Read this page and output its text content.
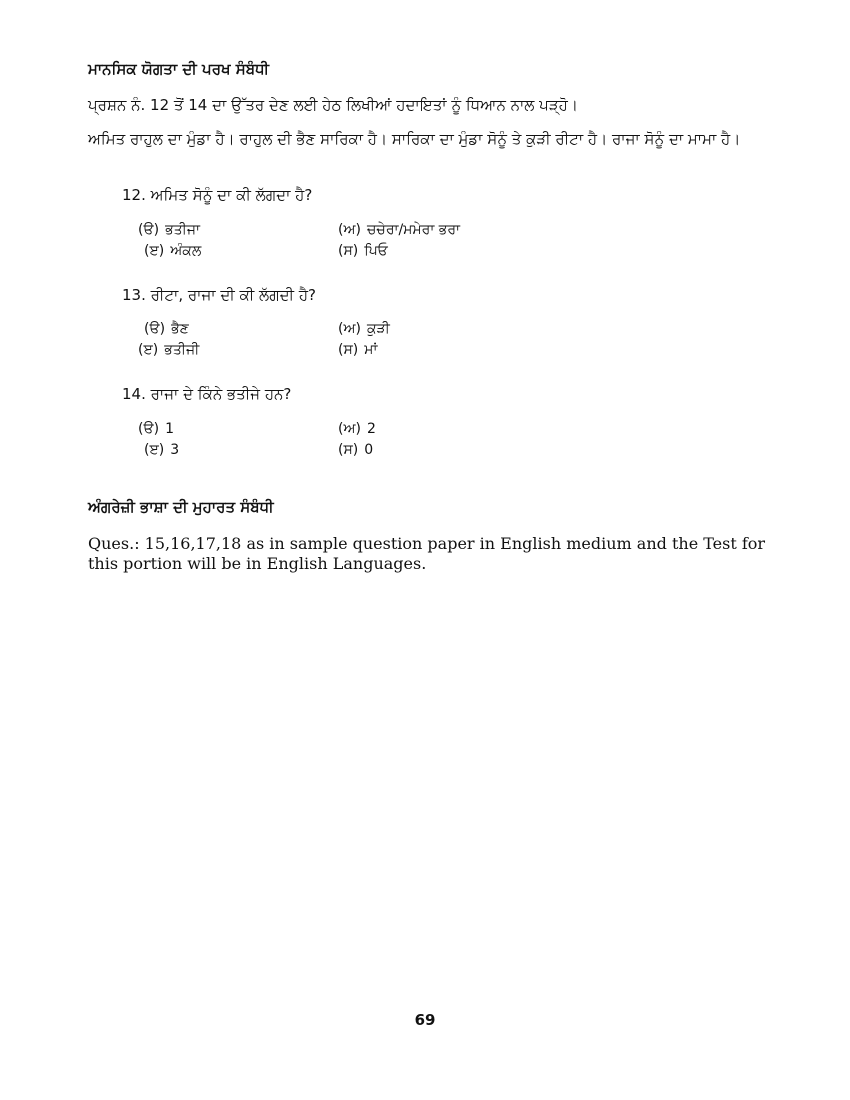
ਮਾਨਸਿਕ ਯੋਗਤਾ ਦੀ ਪਰਖ ਸੰਬੰਧੀ

ਪ੍ਰਸ਼ਨ ਨੰ. 12 ਤੋਂ 14 ਦਾ ਉੱਤਰ ਦੇਣ ਲਈ ਹੇਠ ਲਿਖੀਆਂ ਹਦਾਇਤਾਂ ਨੂੰ ਧਿਆਨ ਨਾਲ ਪੜ੍ਹੋ।

ਅਮਿਤ ਰਾਹੁਲ ਦਾ ਮੁੰਡਾ ਹੈ। ਰਾਹੁਲ ਦੀ ਭੈਣ ਸਾਰਿਕਾ ਹੈ। ਸਾਰਿਕਾ ਦਾ ਮੁੰਡਾ ਸੋਨੂੰ ਤੇ ਕੁੜੀ ਰੀਟਾ ਹੈ। ਰਾਜਾ ਸੋਨੂੰ ਦਾ ਮਾਮਾ ਹੈ।

12. ਅਮਿਤ ਸੋਨੂੰ ਦਾ ਕੀ ਲੱਗਦਾ ਹੈ?

(ੳ) ਭਤੀਜਾ	(ਅ) ਚਚੇਰਾ/ਮਮੇਰਾ ਭਰਾ
(ੲ) ਅੰਕਲ	(ਸ) ਪਿਓ

13. ਰੀਟਾ, ਰਾਜਾ ਦੀ ਕੀ ਲੱਗਦੀ ਹੈ?

(ੳ) ਭੈਣ	(ਅ) ਕੁੜੀ
(ੲ) ਭਤੀਜੀ	(ਸ) ਮਾਂ

14. ਰਾਜਾ ਦੇ ਕਿੰਨੇ ਭਤੀਜੇ ਹਨ?

(ੳ) 1	(ਅ) 2
(ੲ) 3	(ਸ) 0
ਅੰਗਰੇਜ਼ੀ ਭਾਸ਼ਾ ਦੀ ਮੁਹਾਰਤ ਸੰਬੰਧੀ

Ques.: 15,16,17,18 as in sample question paper in English medium and the Test for this portion will be in English Languages.

69
